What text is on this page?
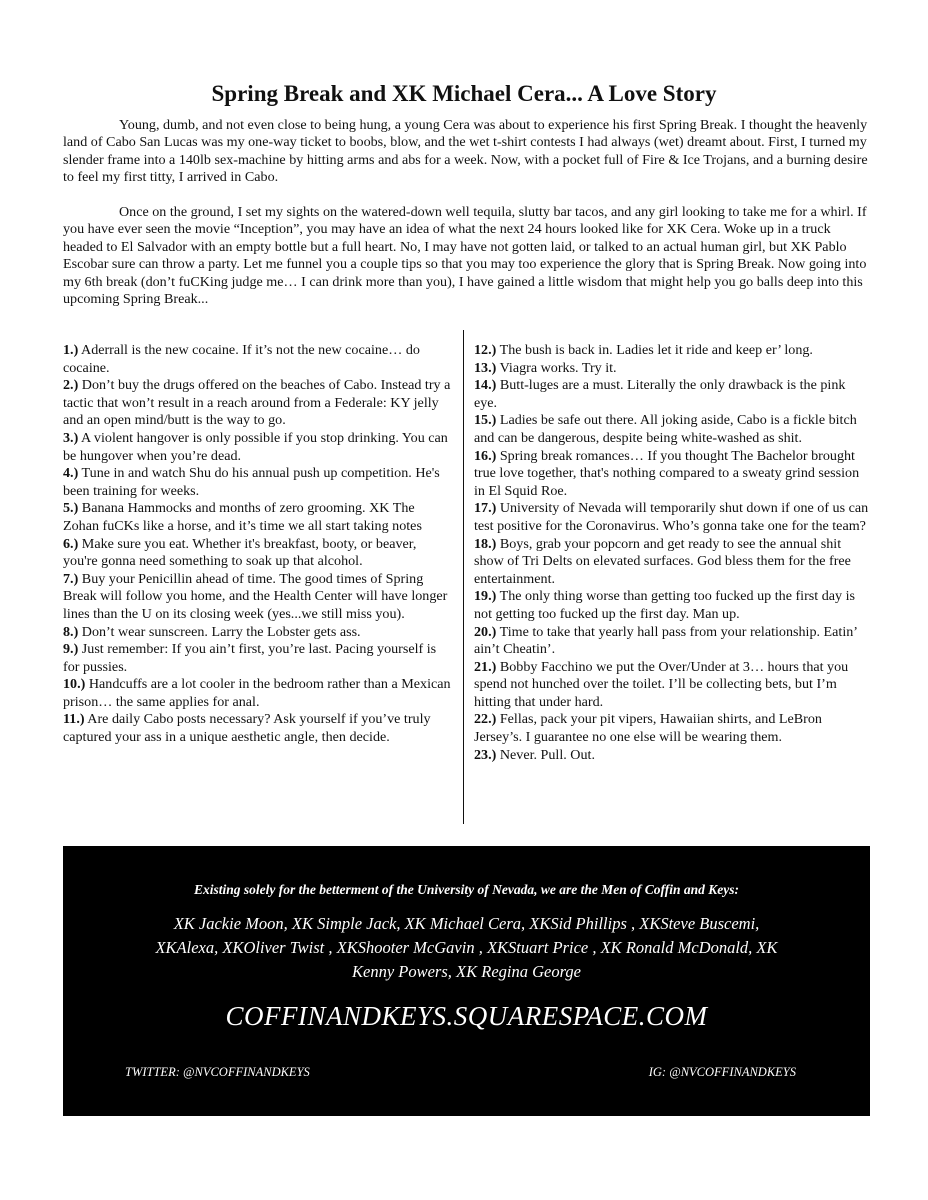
Spring Break and XK Michael Cera... A Love Story

Young, dumb, and not even close to being hung, a young Cera was about to experience his first Spring Break. I thought the heavenly land of Cabo San Lucas was my one-way ticket to boobs, blow, and the wet t-shirt contests I had always (wet) dreamt about. First, I turned my slender frame into a 140lb sex-machine by hitting arms and abs for a week. Now, with a pocket full of Fire & Ice Trojans, and a burning desire to feel my first titty, I arrived in Cabo.

Once on the ground, I set my sights on the watered-down well tequila, slutty bar tacos, and any girl looking to take me for a whirl. If you have ever seen the movie “Inception”, you may have an idea of what the next 24 hours looked like for XK Cera. Woke up in a truck headed to El Salvador with an empty bottle but a full heart. No, I may have not gotten laid, or talked to an actual human girl, but XK Pablo Escobar sure can throw a party. Let me funnel you a couple tips so that you may too experience the glory that is Spring Break. Now going into my 6th break (don’t fuCKing judge me… I can drink more than you), I have gained a little wisdom that might help you go balls deep into this upcoming Spring Break...

1.) Aderrall is the new cocaine. If it’s not the new cocaine… do cocaine.

2.) Don’t buy the drugs offered on the beaches of Cabo. Instead try a tactic that won’t result in a reach around from a Federale: KY jelly and an open mind/butt is the way to go.

3.) A violent hangover is only possible if you stop drinking. You can be hungover when you’re dead.

4.) Tune in and watch Shu do his annual push up competition. He's been training for weeks.

5.) Banana Hammocks and months of zero grooming. XK The Zohan fuCKs like a horse, and it’s time we all start taking notes

6.) Make sure you eat. Whether it's breakfast, booty, or beaver, you're gonna need something to soak up that alcohol.

7.) Buy your Penicillin ahead of time. The good times of Spring Break will follow you home, and the Health Center will have longer lines than the U on its closing week (yes...we still miss you).

8.) Don’t wear sunscreen. Larry the Lobster gets ass.

9.) Just remember: If you ain’t first, you’re last. Pacing yourself is for pussies.

10.) Handcuffs are a lot cooler in the bedroom rather than a Mexican prison… the same applies for anal.

11.) Are daily Cabo posts necessary? Ask yourself if you’ve truly captured your ass in a unique aesthetic angle, then decide.

12.) The bush is back in. Ladies let it ride and keep er’ long.

13.) Viagra works. Try it.

14.) Butt-luges are a must. Literally the only drawback is the pink eye.

15.) Ladies be safe out there. All joking aside, Cabo is a fickle bitch and can be dangerous, despite being white-washed as shit.

16.) Spring break romances… If you thought The Bachelor brought true love together, that's nothing compared to a sweaty grind session in El Squid Roe.

17.) University of Nevada will temporarily shut down if one of us can test positive for the Coronavirus. Who’s gonna take one for the team?

18.) Boys, grab your popcorn and get ready to see the annual shit show of Tri Delts on elevated surfaces. God bless them for the free entertainment.

19.) The only thing worse than getting too fucked up the first day is not getting too fucked up the first day. Man up.

20.) Time to take that yearly hall pass from your relationship. Eatin’ ain’t Cheatin’.

21.) Bobby Facchino we put the Over/Under at 3… hours that you spend not hunched over the toilet. I’ll be collecting bets, but I’m hitting that under hard.

22.) Fellas, pack your pit vipers, Hawaiian shirts, and LeBron Jersey’s. I guarantee no one else will be wearing them.

23.) Never. Pull. Out.

Existing solely for the betterment of the University of Nevada, we are the Men of Coffin and Keys:
XK Jackie Moon, XK Simple Jack, XK Michael Cera, XKSid Phillips , XKSteve Buscemi, XKAlexa, XKOliver Twist , XKShooter McGavin , XKStuart Price , XK Ronald McDonald, XK Kenny Powers, XK Regina George
COFFINANDKEYS.SQUARESPACE.COM
TWITTER: @NVCOFFINANDKEYS	IG: @NVCOFFINANDKEYS
